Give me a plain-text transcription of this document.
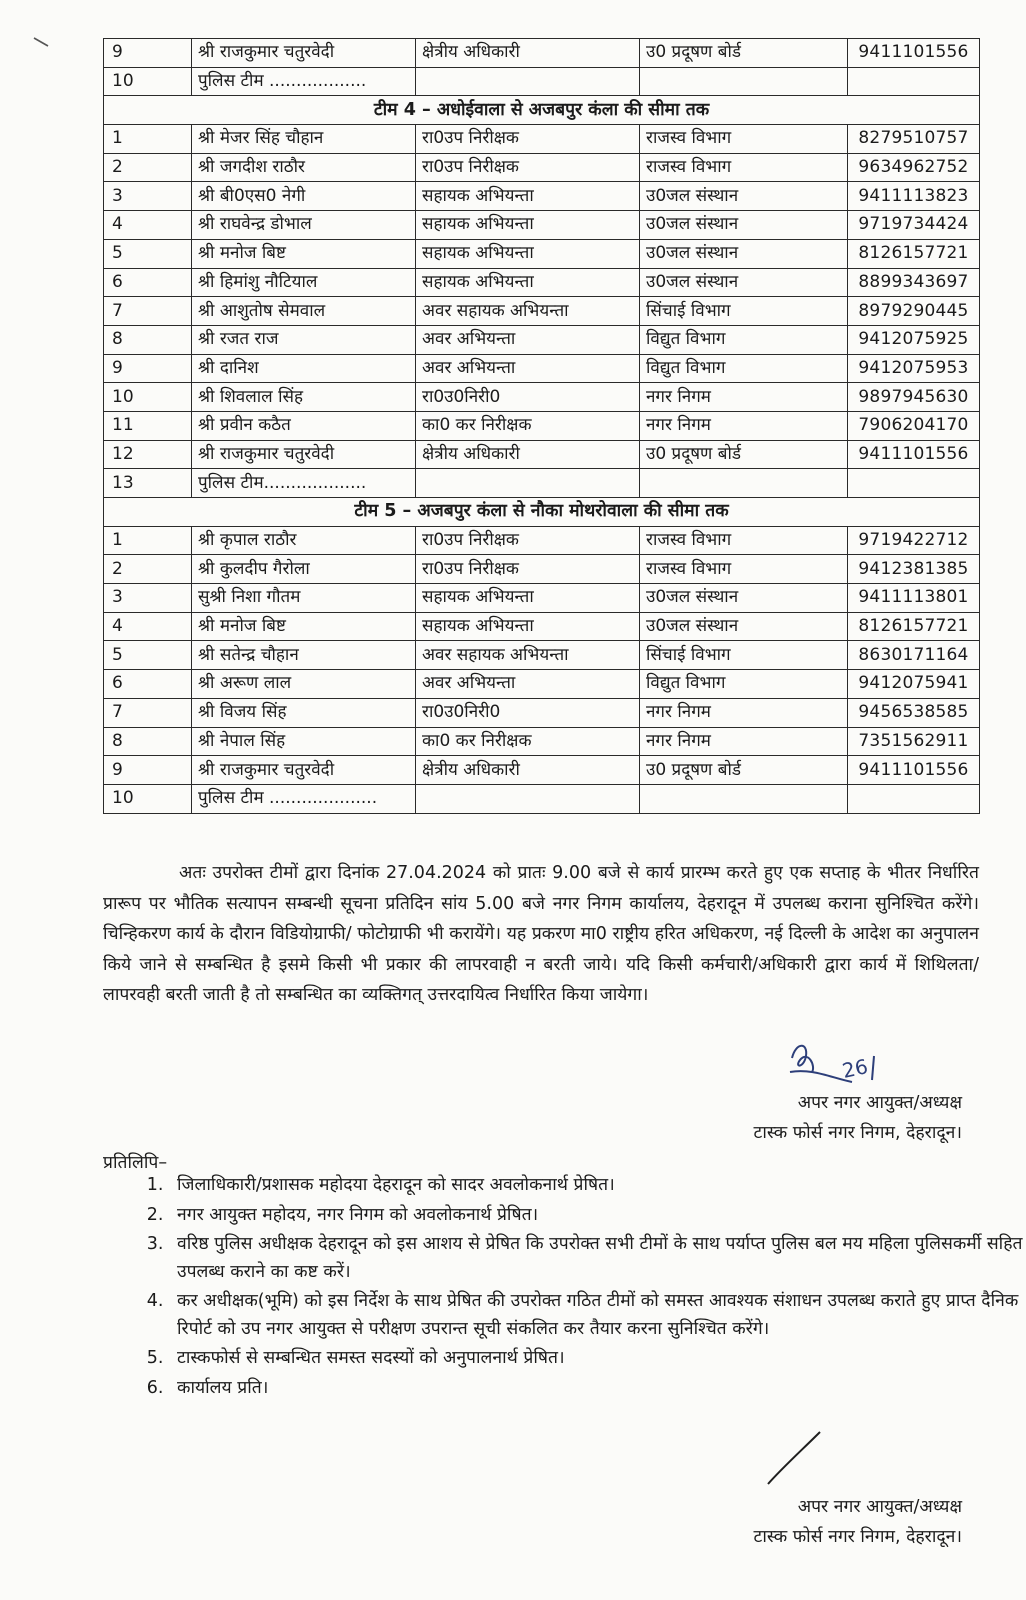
9	श्री राजकुमार चतुरवेदी	क्षेत्रीय अधिकारी	उ0 प्रदूषण बोर्ड	9411101556
10	पुलिस टीम ..................			
टीम 4 – अधोईवाला से अजबपुर कंला की सीमा तक				
1	श्री मेजर सिंह चौहान	रा0उप निरीक्षक	राजस्व विभाग	8279510757
2	श्री जगदीश राठौर	रा0उप निरीक्षक	राजस्व विभाग	9634962752
3	श्री बी0एस0 नेगी	सहायक अभियन्ता	उ0जल संस्थान	9411113823
4	श्री राघवेन्द्र डोभाल	सहायक अभियन्ता	उ0जल संस्थान	9719734424
5	श्री मनोज बिष्ट	सहायक अभियन्ता	उ0जल संस्थान	8126157721
6	श्री हिमांशु नौटियाल	सहायक अभियन्ता	उ0जल संस्थान	8899343697
7	श्री आशुतोष सेमवाल	अवर सहायक अभियन्ता	सिंचाई विभाग	8979290445
8	श्री रजत राज	अवर अभियन्ता	विद्युत विभाग	9412075925
9	श्री दानिश	अवर अभियन्ता	विद्युत विभाग	9412075953
10	श्री शिवलाल सिंह	रा0उ0निरी0	नगर निगम	9897945630
11	श्री प्रवीन कठैत	का0 कर निरीक्षक	नगर निगम	7906204170
12	श्री राजकुमार चतुरवेदी	क्षेत्रीय अधिकारी	उ0 प्रदूषण बोर्ड	9411101556
13	पुलिस टीम...................			
टीम 5 – अजबपुर कंला से नौका मोथरोवाला की सीमा तक				
1	श्री कृपाल राठौर	रा0उप निरीक्षक	राजस्व विभाग	9719422712
2	श्री कुलदीप गैरोला	रा0उप निरीक्षक	राजस्व विभाग	9412381385
3	सुश्री निशा गौतम	सहायक अभियन्ता	उ0जल संस्थान	9411113801
4	श्री मनोज बिष्ट	सहायक अभियन्ता	उ0जल संस्थान	8126157721
5	श्री सतेन्द्र चौहान	अवर सहायक अभियन्ता	सिंचाई विभाग	8630171164
6	श्री अरूण लाल	अवर अभियन्ता	विद्युत विभाग	9412075941
7	श्री विजय सिंह	रा0उ0निरी0	नगर निगम	9456538585
8	श्री नेपाल सिंह	का0 कर निरीक्षक	नगर निगम	7351562911
9	श्री राजकुमार चतुरवेदी	क्षेत्रीय अधिकारी	उ0 प्रदूषण बोर्ड	9411101556
10	पुलिस टीम ....................			

अतः उपरोक्त टीमों द्वारा दिनांक 27.04.2024 को प्रातः 9.00 बजे से कार्य प्रारम्भ करते हुए एक सप्ताह के भीतर निर्धारित प्रारूप पर भौतिक सत्यापन सम्बन्धी सूचना प्रतिदिन सांय 5.00 बजे नगर निगम कार्यालय, देहरादून में उपलब्ध कराना सुनिश्चित करेंगे। चिन्हिकरण कार्य के दौरान विडियोग्राफी/ फोटोग्राफी भी करायेंगे। यह प्रकरण मा0 राष्ट्रीय हरित अधिकरण, नई दिल्ली के आदेश का अनुपालन किये जाने से सम्बन्धित है इसमे किसी भी प्रकार की लापरवाही न बरती जाये। यदि किसी कर्मचारी/अधिकारी द्वारा कार्य में शिथिलता/लापरवही बरती जाती है तो सम्बन्धित का व्यक्तिगत् उत्तरदायित्व निर्धारित किया जायेगा।

26
अपर नगर आयुक्त/अध्यक्ष
टास्क फोर्स नगर निगम, देहरादून।
प्रतिलिपि–
1. जिलाधिकारी/प्रशासक महोदया देहरादून को सादर अवलोकनार्थ प्रेषित।
2. नगर आयुक्त महोदय, नगर निगम को अवलोकनार्थ प्रेषित।
3. वरिष्ठ पुलिस अधीक्षक देहरादून को इस आशय से प्रेषित कि उपरोक्त सभी टीमों के साथ पर्याप्त पुलिस बल मय महिला पुलिसकर्मी सहित उपलब्ध कराने का कष्ट करें।
4. कर अधीक्षक(भूमि) को इस निर्देश के साथ प्रेषित की उपरोक्त गठित टीमों को समस्त आवश्यक संशाधन उपलब्ध कराते हुए प्राप्त दैनिक रिपोर्ट को उप नगर आयुक्त से परीक्षण उपरान्त सूची संकलित कर तैयार करना सुनिश्चित करेंगे।
5. टास्कफोर्स से सम्बन्धित समस्त सदस्यों को अनुपालनार्थ प्रेषित।
6. कार्यालय प्रति।
अपर नगर आयुक्त/अध्यक्ष
टास्क फोर्स नगर निगम, देहरादून।
